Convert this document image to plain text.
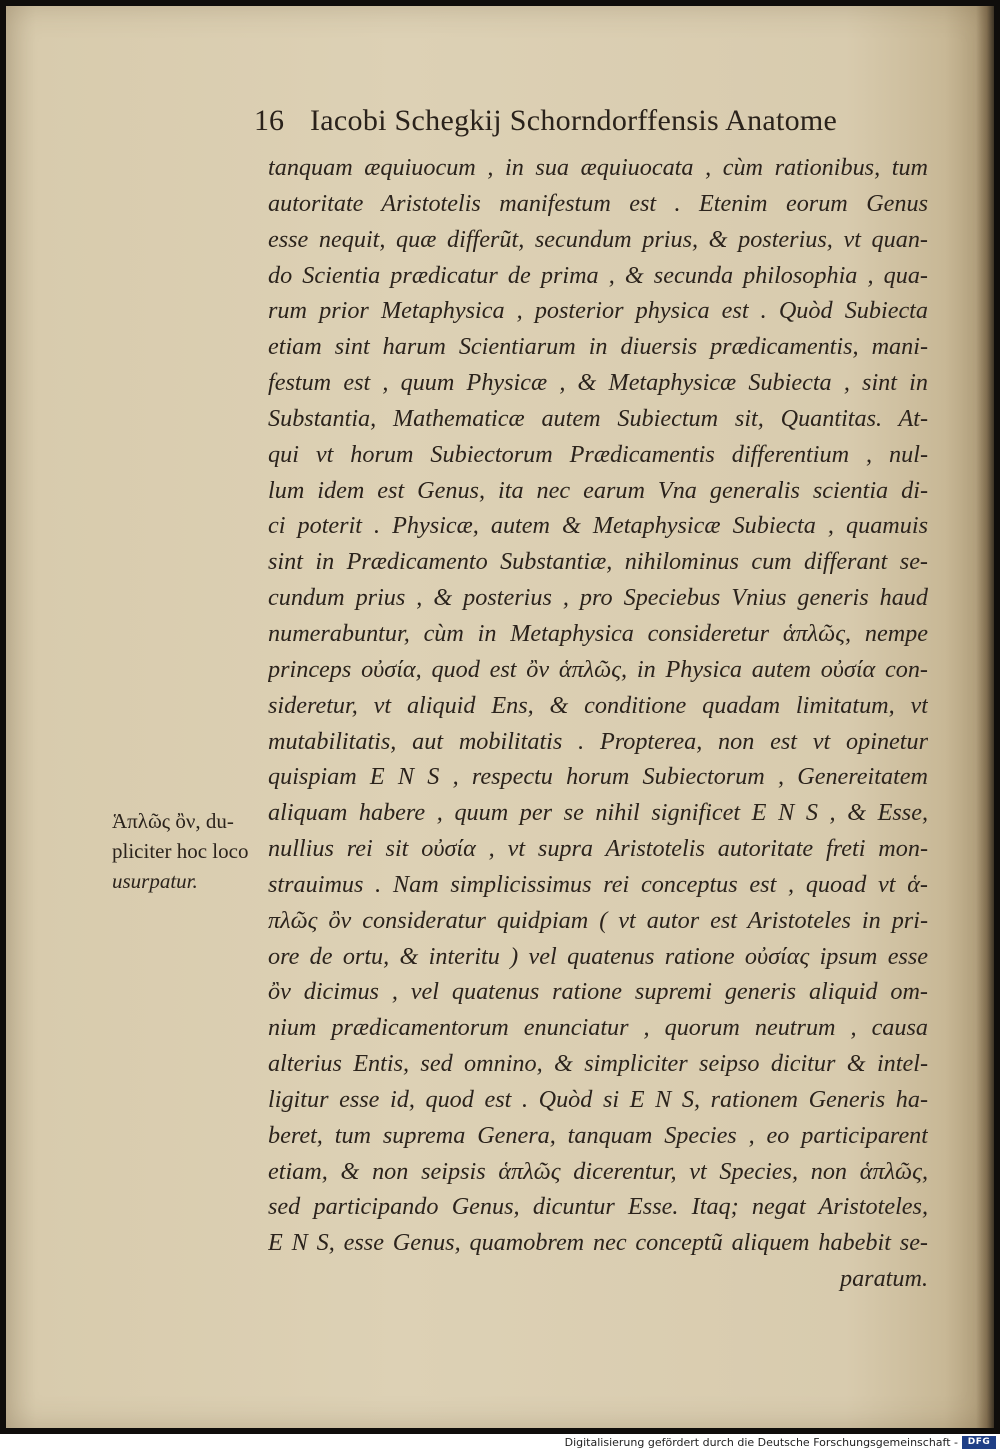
16 Iacobi Schegkij Schorndorffensis Anatome
tanquam æquiuocum , in sua æquiuocata , cùm rationibus, tum
autoritate Aristotelis manifestum est . Etenim eorum Genus
esse nequit, quæ differũt, secundum prius, & posterius, vt quan-
do Scientia prædicatur de prima , & secunda philosophia , qua-
rum prior Metaphysica , posterior physica est . Quòd Subiecta
etiam sint harum Scientiarum in diuersis prædicamentis, mani-
festum est , quum Physicæ , & Metaphysicæ Subiecta , sint in
Substantia, Mathematicæ autem Subiectum sit, Quantitas. At-
qui vt horum Subiectorum Prædicamentis differentium , nul-
lum idem est Genus, ita nec earum Vna generalis scientia di-
ci poterit . Physicæ, autem & Metaphysicæ Subiecta , quamuis
sint in Prædicamento Substantiæ, nihilominus cum differant se-
cundum prius , & posterius , pro Speciebus Vnius generis haud
numerabuntur, cùm in Metaphysica consideretur ἁπλῶς, nempe
princeps οὐσία, quod est ὂν ἁπλῶς, in Physica autem οὐσία con-
sideretur, vt aliquid Ens, & conditione quadam limitatum, vt
mutabilitatis, aut mobilitatis . Propterea, non est vt opinetur
quispiam E N S , respectu horum Subiectorum , Genereitatem
aliquam habere , quum per se nihil significet E N S , & Esse,
nullius rei sit οὐσία , vt supra Aristotelis autoritate freti mon-
strauimus . Nam simplicissimus rei conceptus est , quoad vt ἁ-
πλῶς ὂν consideratur quidpiam ( vt autor est Aristoteles in pri-
ore de ortu, & interitu ) vel quatenus ratione οὐσίας ipsum esse
ὂν dicimus , vel quatenus ratione supremi generis aliquid om-
nium prædicamentorum enunciatur , quorum neutrum , causa
alterius Entis, sed omnino, & simpliciter seipso dicitur & intel-
ligitur esse id, quod est . Quòd si E N S, rationem Generis ha-
beret, tum suprema Genera, tanquam Species , eo participarent
etiam, & non seipsis ἁπλῶς dicerentur, vt Species, non ἁπλῶς,
sed participando Genus, dicuntur Esse. Itaq; negat Aristoteles,
E N S, esse Genus, quamobrem nec conceptũ aliquem habebit se-
paratum.
Ἁπλῶς ὂν, du-
pliciter hoc loco
usurpatur.
Digitalisierung gefördert durch die Deutsche Forschungsgemeinschaft -	DFG
